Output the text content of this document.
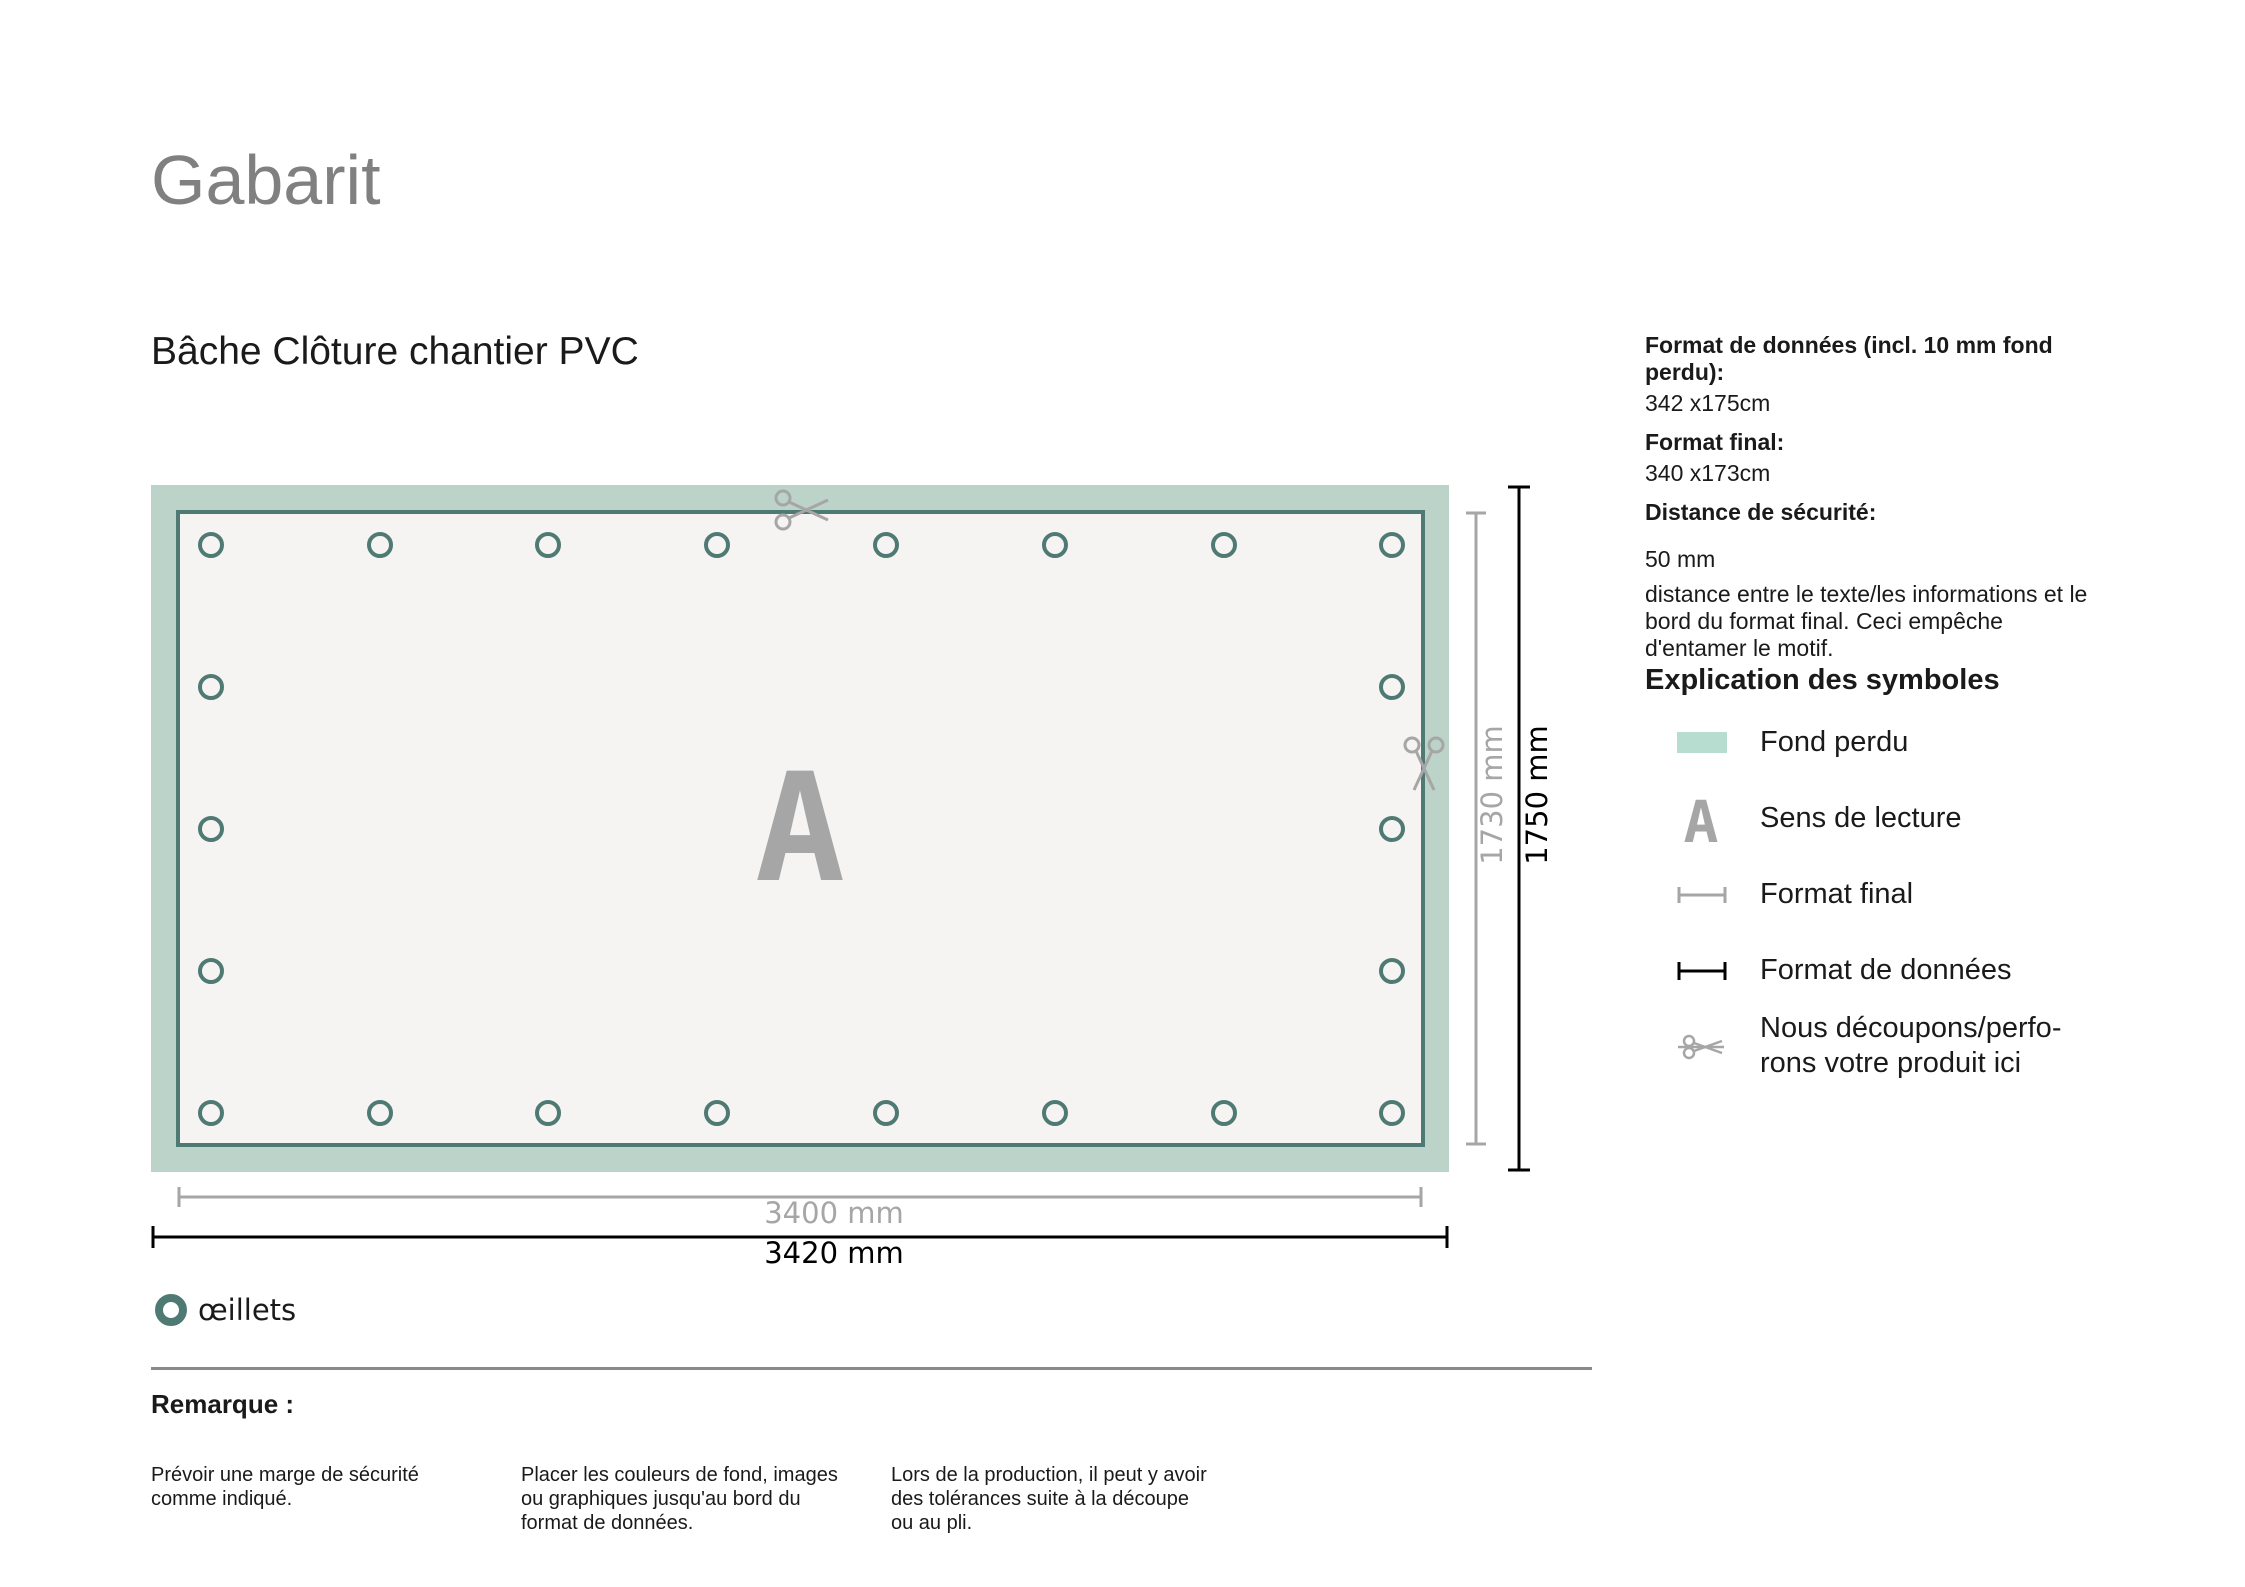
Gabarit
Bâche Clôture chantier PVC
A
3400 mm
3420 mm
1730 mm 1750 mm A
Format de données (incl. 10 mm fond perdu):
342 x175cm
Format final:
340 x173cm
Distance de sécurité:
50 mm
distance entre le texte/les informations et le bord du format final. Ceci empêche d'entamer le motif.
Explication des symboles
Fond perdu
Sens de lecture
Format final
Format de données
Nous découpons/perfo-rons votre produit ici
œillets
Remarque :
Prévoir une marge de sécurité comme indiqué.
Placer les couleurs de fond, images ou graphiques jusqu'au bord du format de données.
Lors de la production, il peut y avoir des tolérances suite à la découpe ou au pli.
